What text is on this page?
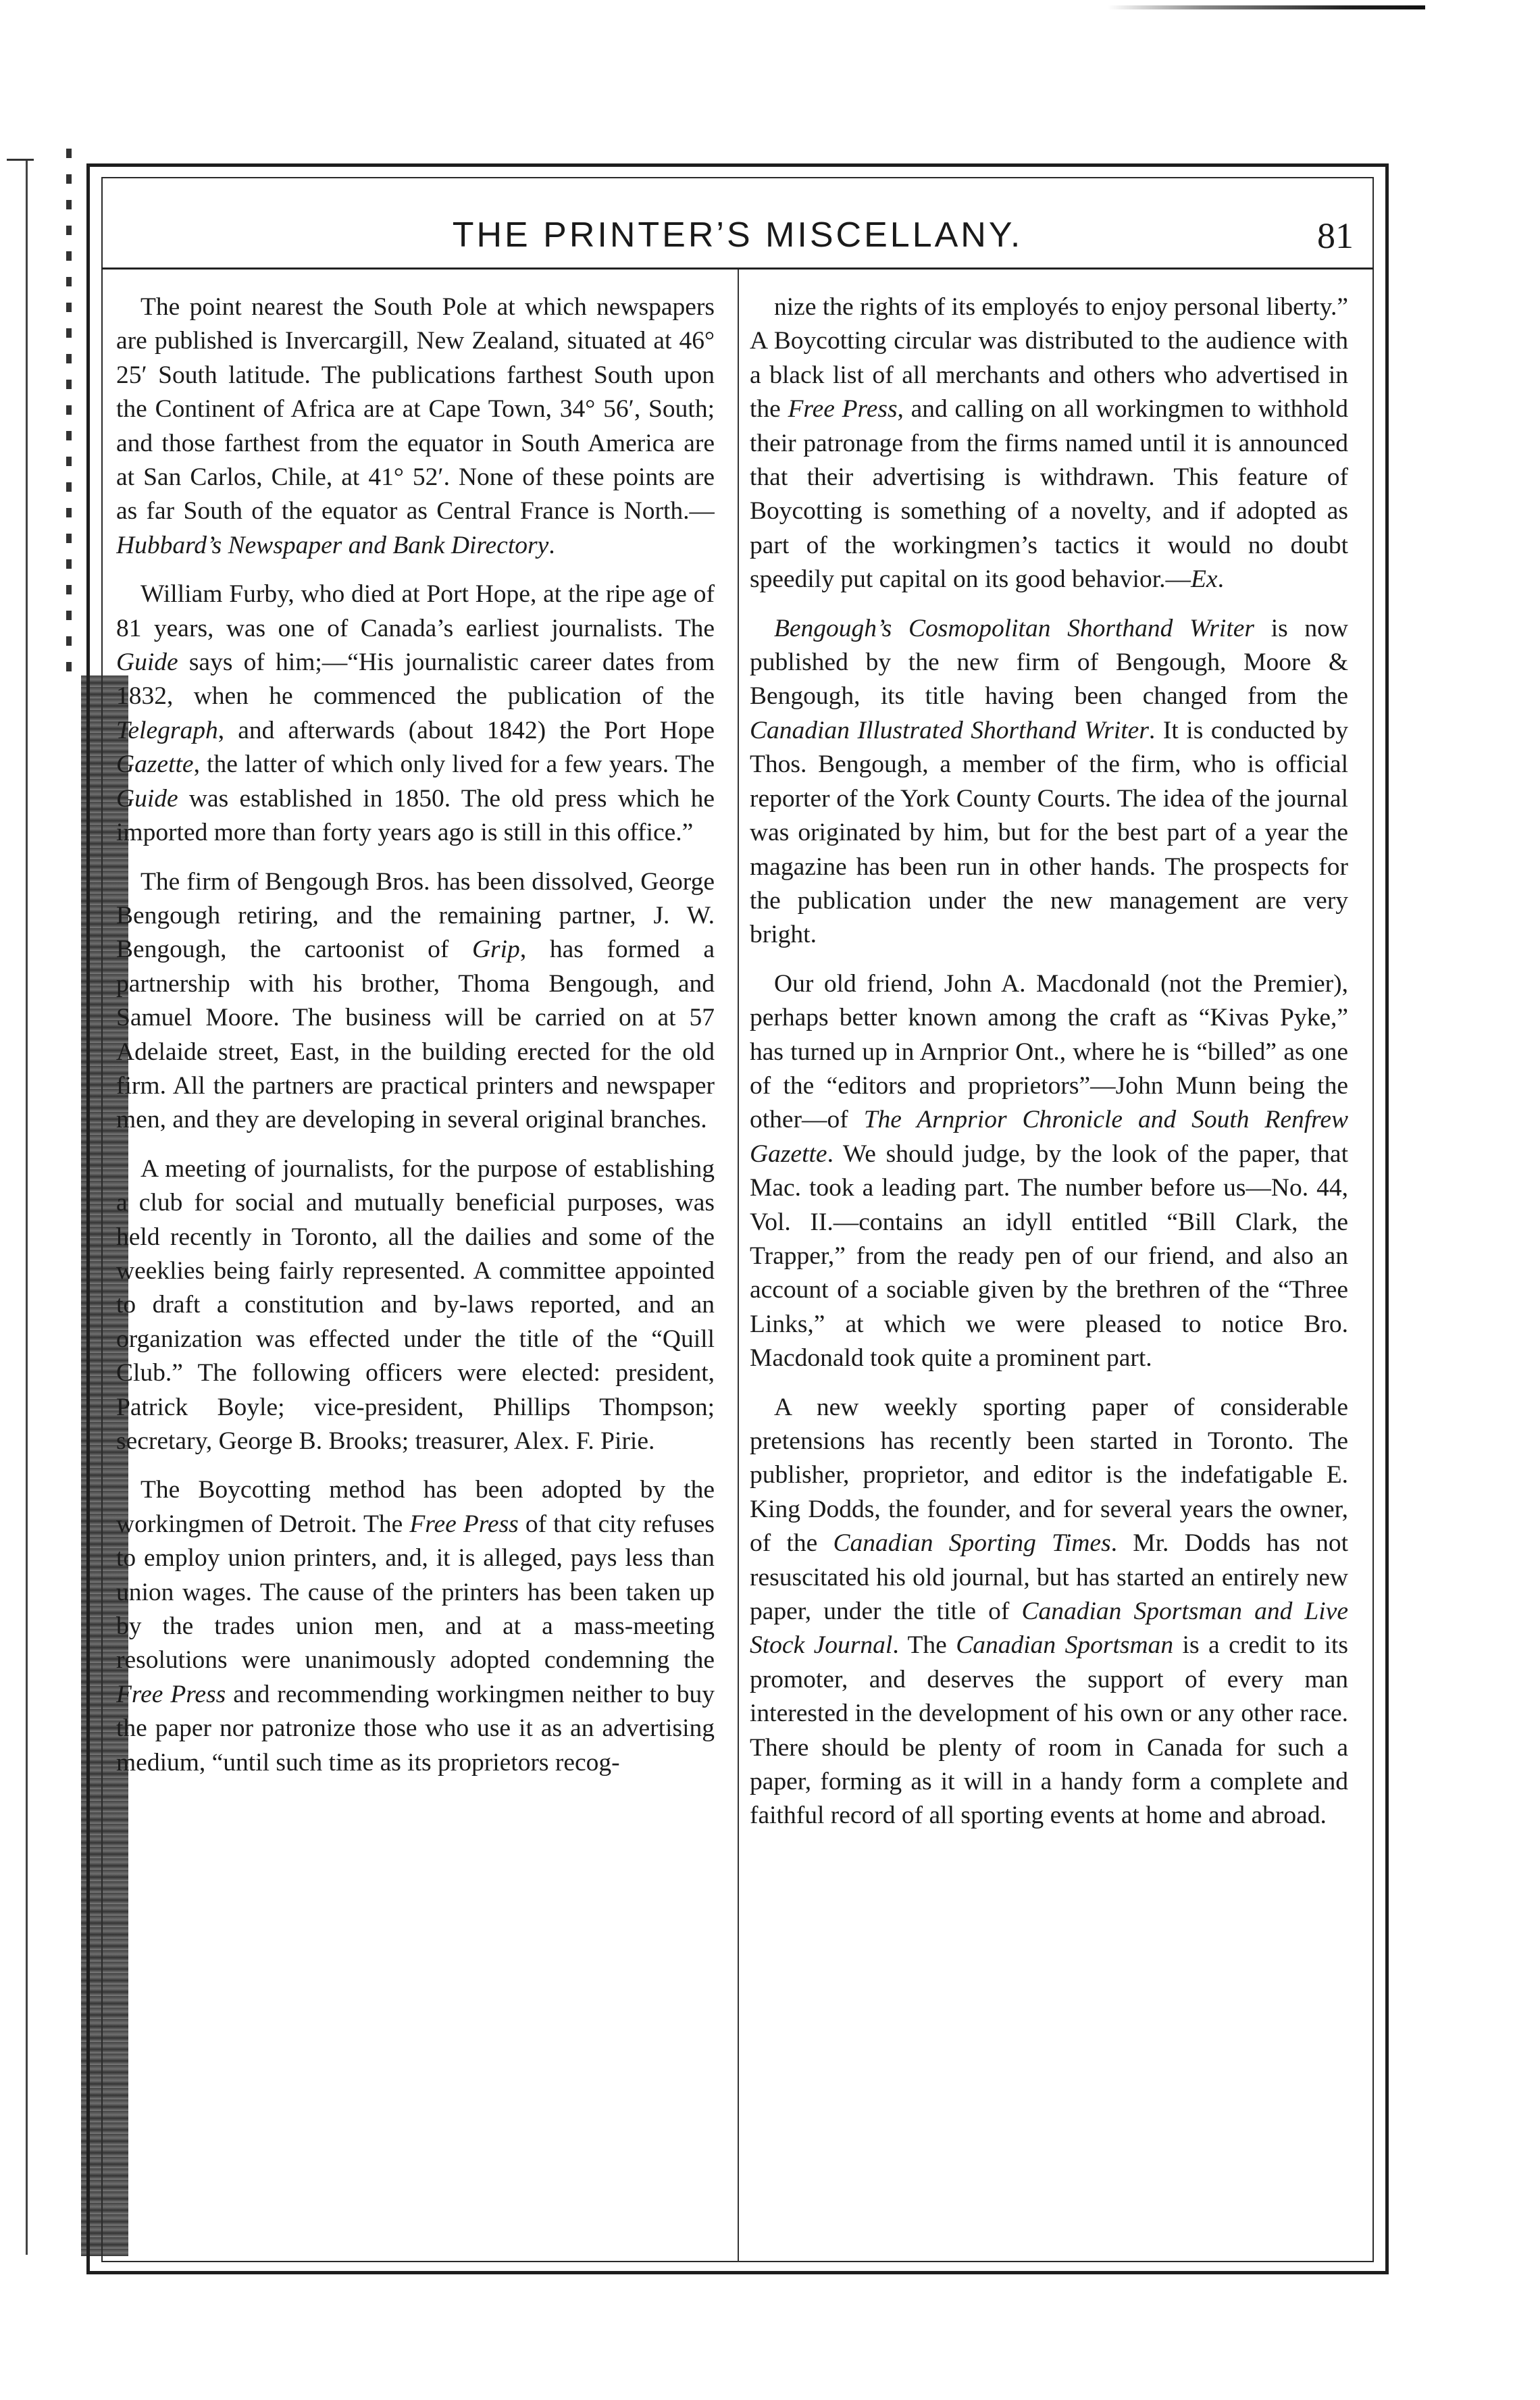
THE PRINTER’S MISCELLANY.	81

The point nearest the South Pole at which newspapers are published is Invercargill, New Zealand, situated at 46° 25′ South latitude. The publications farthest South upon the Continent of Africa are at Cape Town, 34° 56′, South; and those farthest from the equator in South America are at San Carlos, Chile, at 41° 52′. None of these points are as far South of the equator as Central France is North.—Hubbard’s Newspaper and Bank Directory.

William Furby, who died at Port Hope, at the ripe age of 81 years, was one of Canada’s earliest journalists. The Guide says of him;—“His journalistic career dates from 1832, when he commenced the publication of the Telegraph, and afterwards (about 1842) the Port Hope Gazette, the latter of which only lived for a few years. The Guide was established in 1850. The old press which he imported more than forty years ago is still in this office.”

The firm of Bengough Bros. has been dissolved, George Bengough retiring, and the remaining partner, J. W. Bengough, the cartoonist of Grip, has formed a partnership with his brother, Thoma Bengough, and Samuel Moore. The business will be carried on at 57 Adelaide street, East, in the building erected for the old firm. All the partners are practical printers and newspaper men, and they are developing in several original branches.

A meeting of journalists, for the purpose of establishing a club for social and mutually beneficial purposes, was held recently in Toronto, all the dailies and some of the weeklies being fairly represented. A committee appointed to draft a constitution and by-laws reported, and an organization was effected under the title of the “Quill Club.” The following officers were elected: president, Patrick Boyle; vice-president, Phillips Thompson; secretary, George B. Brooks; treasurer, Alex. F. Pirie.

The Boycotting method has been adopted by the workingmen of Detroit. The Free Press of that city refuses to employ union printers, and, it is alleged, pays less than union wages. The cause of the printers has been taken up by the trades union men, and at a mass-meeting resolutions were unanimously adopted condemning the Free Press and recommending workingmen neither to buy the paper nor patronize those who use it as an advertising medium, “until such time as its proprietors recog-

nize the rights of its employés to enjoy personal liberty.” A Boycotting circular was distributed to the audience with a black list of all merchants and others who advertised in the Free Press, and calling on all workingmen to withhold their patronage from the firms named until it is announced that their advertising is withdrawn. This feature of Boycotting is something of a novelty, and if adopted as part of the workingmen’s tactics it would no doubt speedily put capital on its good behavior.—Ex.

Bengough’s Cosmopolitan Shorthand Writer is now published by the new firm of Bengough, Moore & Bengough, its title having been changed from the Canadian Illustrated Shorthand Writer. It is conducted by Thos. Bengough, a member of the firm, who is official reporter of the York County Courts. The idea of the journal was originated by him, but for the best part of a year the magazine has been run in other hands. The prospects for the publication under the new management are very bright.

Our old friend, John A. Macdonald (not the Premier), perhaps better known among the craft as “Kivas Pyke,” has turned up in Arnprior Ont., where he is “billed” as one of the “editors and proprietors”—John Munn being the other—of The Arnprior Chronicle and South Renfrew Gazette. We should judge, by the look of the paper, that Mac. took a leading part. The number before us—No. 44, Vol. II.—contains an idyll entitled “Bill Clark, the Trapper,” from the ready pen of our friend, and also an account of a sociable given by the brethren of the “Three Links,” at which we were pleased to notice Bro. Macdonald took quite a prominent part.

A new weekly sporting paper of considerable pretensions has recently been started in Toronto. The publisher, proprietor, and editor is the indefatigable E. King Dodds, the founder, and for several years the owner, of the Canadian Sporting Times. Mr. Dodds has not resuscitated his old journal, but has started an entirely new paper, under the title of Canadian Sportsman and Live Stock Journal. The Canadian Sportsman is a credit to its promoter, and deserves the support of every man interested in the development of his own or any other race. There should be plenty of room in Canada for such a paper, forming as it will in a handy form a complete and faithful record of all sporting events at home and abroad.
